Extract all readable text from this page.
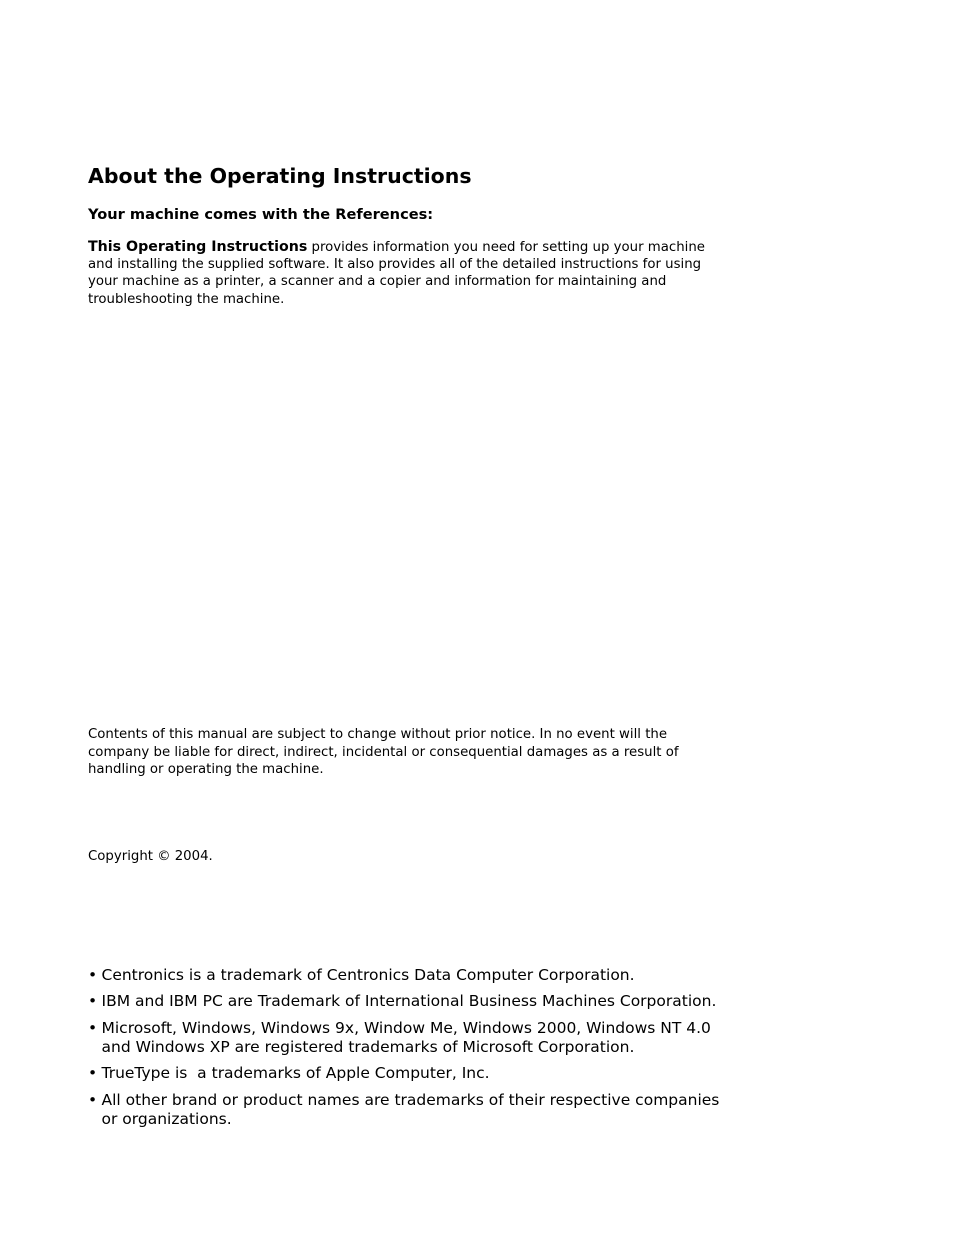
About the Operating Instructions
Your machine comes with the References:

This Operating Instructions provides information you need for setting up your machine and installing the supplied software. It also provides all of the detailed instructions for using your machine as a printer, a scanner and a copier and information for maintaining and troubleshooting the machine.

Contents of this manual are subject to change without prior notice. In no event will the company be liable for direct, indirect, incidental or consequential damages as a result of handling or operating the machine.

Copyright © 2004.

• Centronics is a trademark of Centronics Data Computer Corporation.
• IBM and IBM PC are Trademark of International Business Machines Corporation.
• Microsoft, Windows, Windows 9x, Window Me, Windows 2000, Windows NT 4.0 and Windows XP are registered trademarks of Microsoft Corporation.
• TrueType is  a trademarks of Apple Computer, Inc.
• All other brand or product names are trademarks of their respective companies or organizations.
